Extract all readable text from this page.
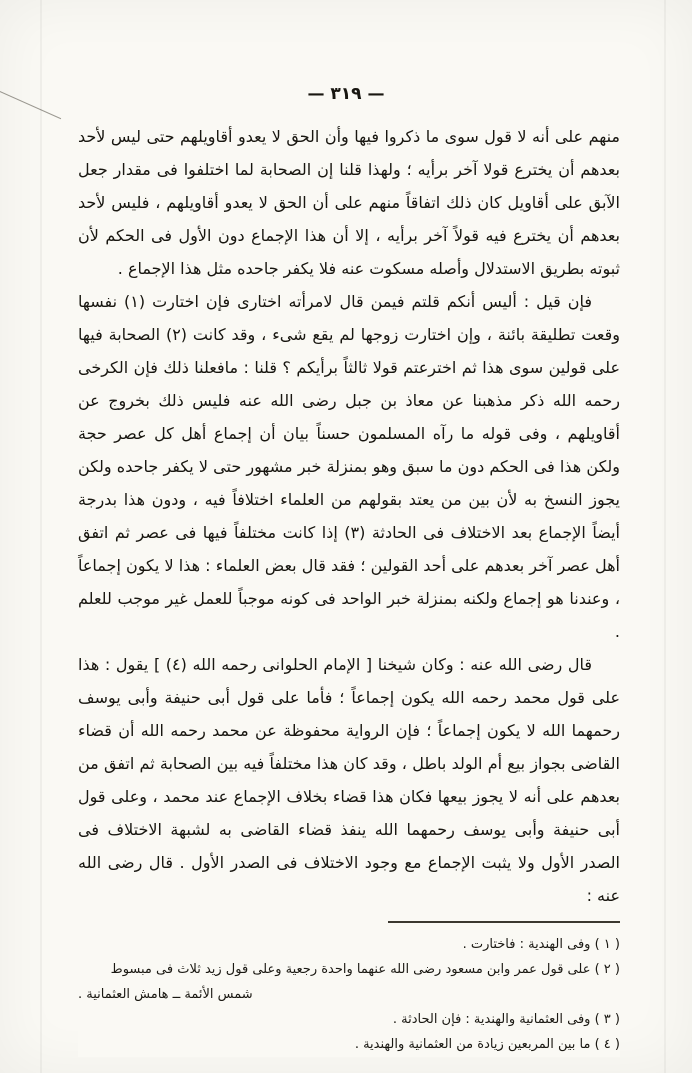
— ٣١٩ —

منهم على أنه لا قول سوى ما ذكروا فيها وأن الحق لا يعدو أقاويلهم حتى ليس لأحد بعدهم أن يخترع قولا آخر برأيه ؛ ولهذا قلنا إن الصحابة لما اختلفوا فى مقدار جعل الآبق على أقاويل كان ذلك اتفاقاً منهم على أن الحق لا يعدو أقاويلهم ، فليس لأحد بعدهم أن يخترع فيه قولاً آخر برأيه ، إلا أن هذا الإجماع دون الأول فى الحكم لأن ثبوته بطريق الاستدلال وأصله مسكوت عنه فلا يكفر جاحده مثل هذا الإجماع .

فإن قيل : أليس أنكم قلتم فيمن قال لامرأته اختارى فإن اختارت (١) نفسها وقعت تطليقة بائنة ، وإن اختارت زوجها لم يقع شىء ، وقد كانت (٢) الصحابة فيها على قولين سوى هذا ثم اخترعتم قولا ثالثاً برأيكم ؟ قلنا : مافعلنا ذلك فإن الكرخى رحمه الله ذكر مذهبنا عن معاذ بن جبل رضى الله عنه فليس ذلك بخروج عن أقاويلهم ، وفى قوله ما رآه المسلمون حسناً بيان أن إجماع أهل كل عصر حجة ولكن هذا فى الحكم دون ما سبق وهو بمنزلة خبر مشهور حتى لا يكفر جاحده ولكن يجوز النسخ به لأن بين من يعتد بقولهم من العلماء اختلافاً فيه ، ودون هذا بدرجة أيضاً الإجماع بعد الاختلاف فى الحادثة (٣) إذا كانت مختلفاً فيها فى عصر ثم اتفق أهل عصر آخر بعدهم على أحد القولين ؛ فقد قال بعض العلماء : هذا لا يكون إجماعاً ، وعندنا هو إجماع ولكنه بمنزلة خبر الواحد فى كونه موجباً للعمل غير موجب للعلم .

قال رضى الله عنه : وكان شيخنا [ الإمام الحلوانى رحمه الله (٤) ] يقول : هذا على قول محمد رحمه الله يكون إجماعاً ؛ فأما على قول أبى حنيفة وأبى يوسف رحمهما الله لا يكون إجماعاً ؛ فإن الرواية محفوظة عن محمد رحمه الله أن قضاء القاضى بجواز بيع أم الولد باطل ، وقد كان هذا مختلفاً فيه بين الصحابة ثم اتفق من بعدهم على أنه لا يجوز بيعها فكان هذا قضاء بخلاف الإجماع عند محمد ، وعلى قول أبى حنيفة وأبى يوسف رحمهما الله ينفذ قضاء القاضى به لشبهة الاختلاف فى الصدر الأول ولا يثبت الإجماع مع وجود الاختلاف فى الصدر الأول . قال رضى الله عنه :

( ١ ) وفى الهندية : فاختارت .
( ٢ ) على قول عمر وابن مسعود رضى الله عنهما واحدة رجعية وعلى قول زيد ثلاث فى مبسوط
شمس الأئمة ــ هامش العثمانية .
( ٣ ) وفى العثمانية والهندية : فإن الحادثة .
( ٤ ) ما بين المربعين زيادة من العثمانية والهندية .
